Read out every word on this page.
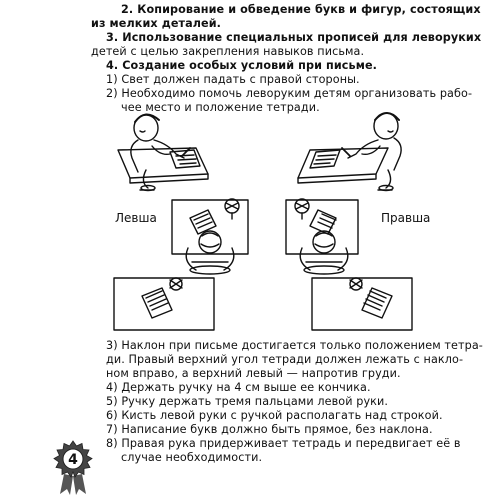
2. Копирование и обведение букв и фигур, состоящих
из мелких деталей.
3. Использование специальных прописей для леворуких
детей с целью закрепления навыков письма.
4. Создание особых условий при письме.
1) Свет должен падать с правой стороны.
2) Необходимо помочь леворуким детям организовать рабо-
чее место и положение тетради.
Левша	Правша
3) Наклон при письме достигается только положением тетра-
ди. Правый верхний угол тетради должен лежать с накло-
ном вправо, а верхний левый — напротив груди.
4) Держать ручку на 4 см выше ее кончика.
5) Ручку держать тремя пальцами левой руки.
6) Кисть левой руки с ручкой располагать над строкой.
7) Написание букв должно быть прямое, без наклона.
8) Правая рука придерживает тетрадь и передвигает её в
случае необходимости.
4
